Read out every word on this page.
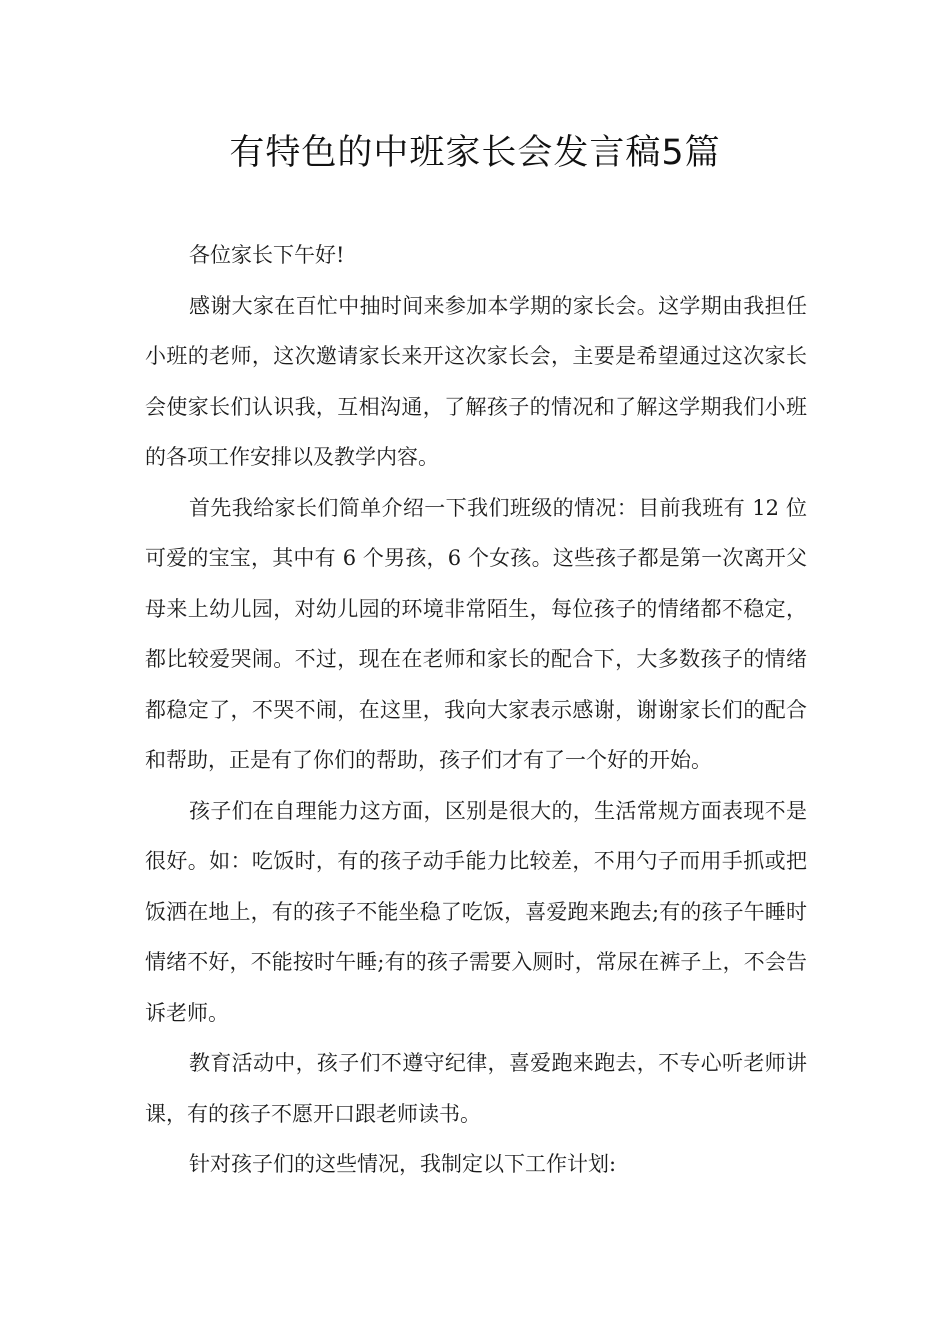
有特色的中班家长会发言稿5篇

各位家长下午好!

感谢大家在百忙中抽时间来参加本学期的家长会。这学期由我担任小班的老师，这次邀请家长来开这次家长会，主要是希望通过这次家长会使家长们认识我，互相沟通，了解孩子的情况和了解这学期我们小班的各项工作安排以及教学内容。

首先我给家长们简单介绍一下我们班级的情况：目前我班有 12 位可爱的宝宝，其中有 6 个男孩，6 个女孩。这些孩子都是第一次离开父母来上幼儿园，对幼儿园的环境非常陌生，每位孩子的情绪都不稳定，都比较爱哭闹。不过，现在在老师和家长的配合下，大多数孩子的情绪都稳定了，不哭不闹，在这里，我向大家表示感谢，谢谢家长们的配合和帮助，正是有了你们的帮助，孩子们才有了一个好的开始。

孩子们在自理能力这方面，区别是很大的，生活常规方面表现不是很好。如：吃饭时，有的孩子动手能力比较差，不用勺子而用手抓或把饭洒在地上，有的孩子不能坐稳了吃饭，喜爱跑来跑去;有的孩子午睡时情绪不好，不能按时午睡;有的孩子需要入厕时，常尿在裤子上，不会告诉老师。

教育活动中，孩子们不遵守纪律，喜爱跑来跑去，不专心听老师讲课，有的孩子不愿开口跟老师读书。

针对孩子们的这些情况，我制定以下工作计划:
